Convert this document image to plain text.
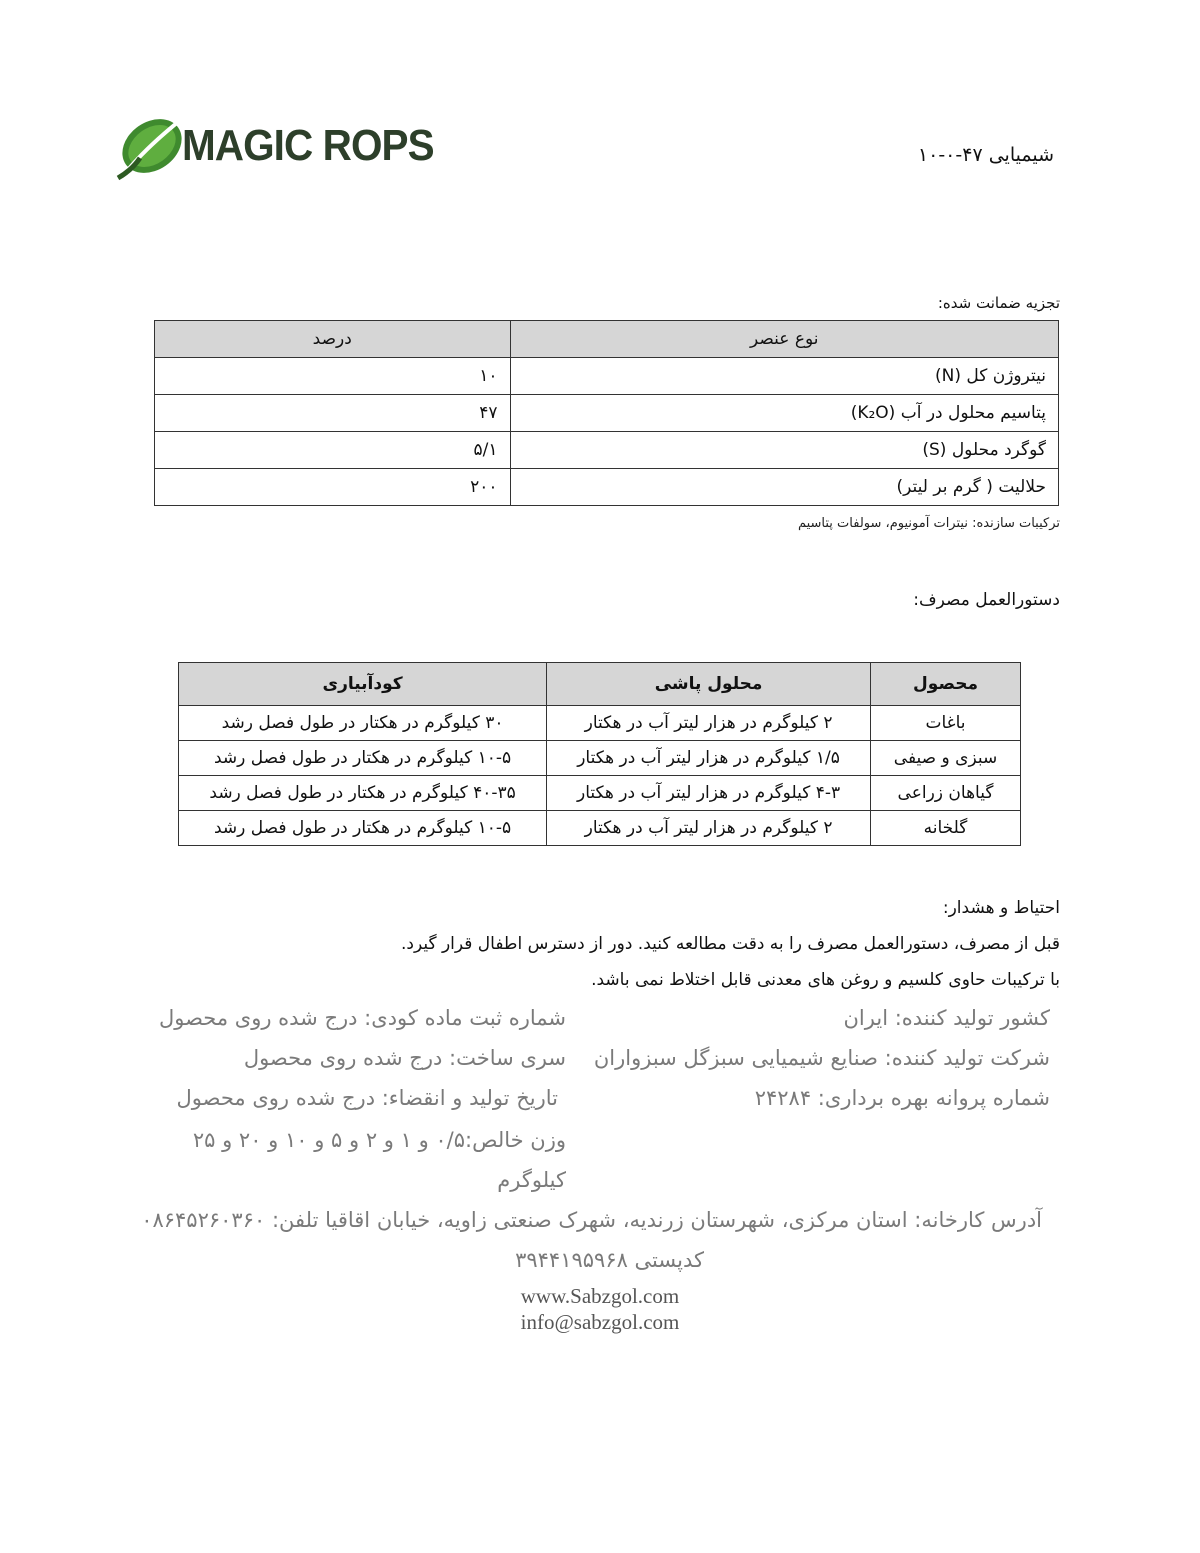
MAGIC ROPS	شیمیایی ۴۷-۰-۱۰
تجزیه ضمانت شده:
نوع عنصر	درصد
نیتروژن کل (N)	۱۰
پتاسیم محلول در آب (K₂O)	۴۷
گوگرد محلول (S)	۵/۱
حلالیت ( گرم بر لیتر)	۲۰۰
ترکیبات سازنده: نیترات آمونیوم، سولفات پتاسیم
دستورالعمل مصرف:
محصول	محلول پاشی	کودآبیاری
باغات	۲ کیلوگرم در هزار لیتر آب در هکتار	۳۰ کیلوگرم در هکتار در طول فصل رشد
سبزی و صیفی	۱/۵ کیلوگرم در هزار لیتر آب در هکتار	۱۰-۵ کیلوگرم در هکتار در طول فصل رشد
گیاهان زراعی	۴-۳ کیلوگرم در هزار لیتر آب در هکتار	۴۰-۳۵ کیلوگرم در هکتار در طول فصل رشد
گلخانه	۲ کیلوگرم در هزار لیتر آب در هکتار	۱۰-۵ کیلوگرم در هکتار در طول فصل رشد
احتیاط و هشدار:
قبل از مصرف، دستورالعمل مصرف را به دقت مطالعه کنید. دور از دسترس اطفال قرار گیرد.
با ترکیبات حاوی کلسیم و روغن های معدنی قابل اختلاط نمی باشد.
کشور تولید کننده: ایران
شرکت تولید کننده: صنایع شیمیایی سبزگل سبزواران
شماره پروانه بهره برداری: ۲۴۲۸۴
شماره ثبت ماده کودی: درج شده روی محصول
سری ساخت: درج شده روی محصول
تاریخ تولید و انقضاء: درج شده روی محصول
وزن خالص:۰/۵ و ۱ و ۲ و ۵ و ۱۰ و ۲۰ و ۲۵
کیلوگرم
آدرس کارخانه: استان مرکزی، شهرستان زرندیه، شهرک صنعتی زاویه، خیابان اقاقیا تلفن: ۰۸۶۴۵۲۶۰۳۶۰
کدپستی ۳۹۴۴۱۹۵۹۶۸
www.Sabzgol.com
info@sabzgol.com
